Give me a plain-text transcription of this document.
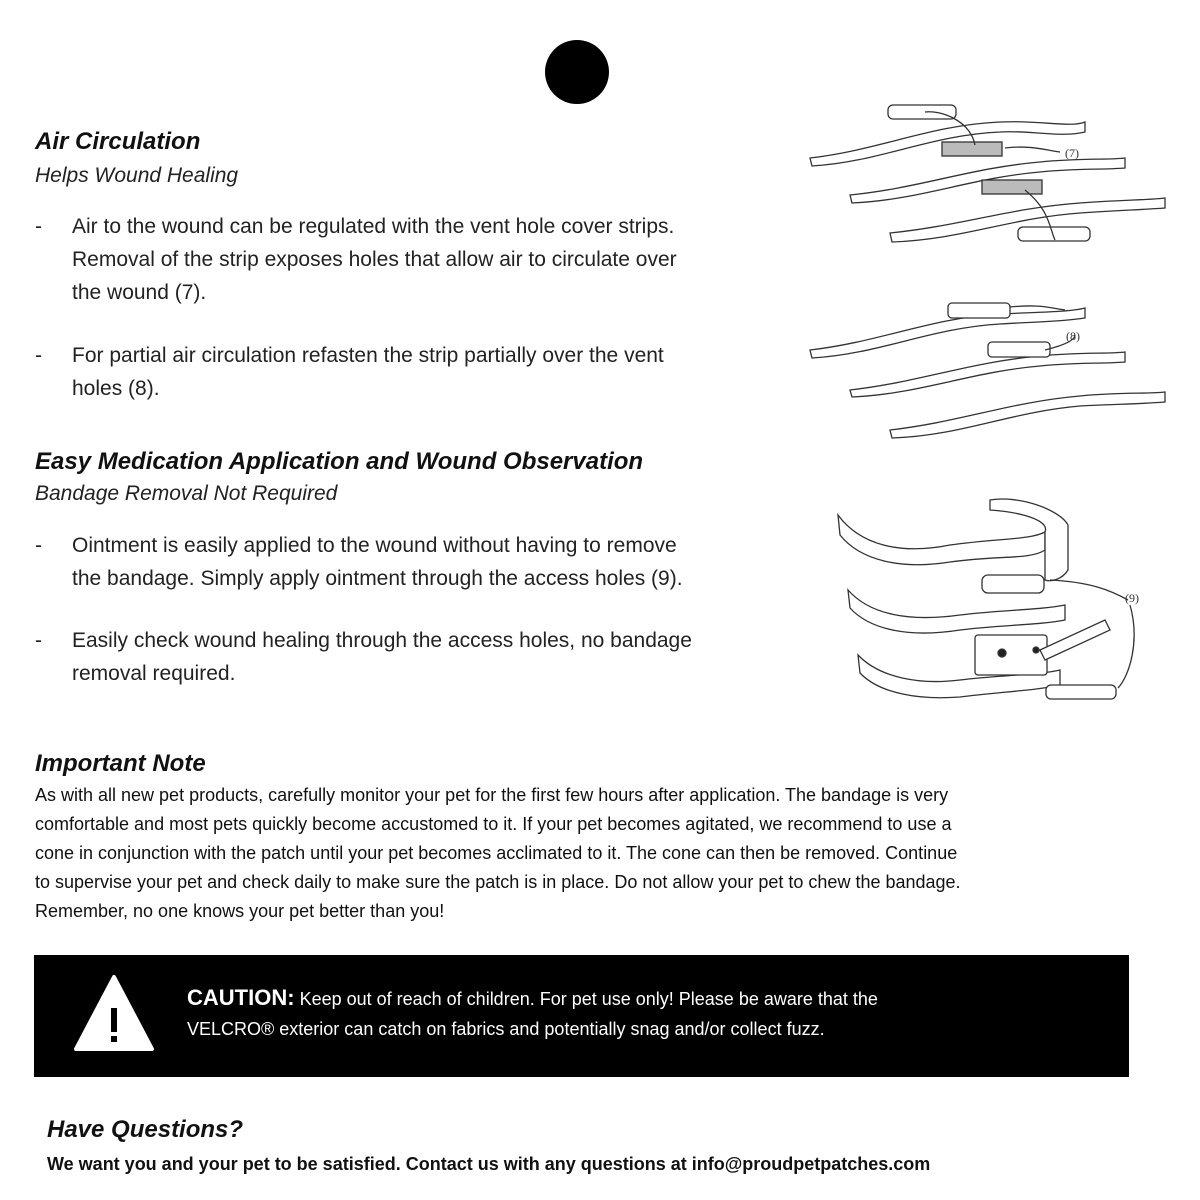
Air Circulation
Helps Wound Healing
- Air to the wound can be regulated with the vent hole cover strips.
Removal of the strip exposes holes that allow air to circulate over
the wound (7).
- For partial air circulation refasten the strip partially over the vent
holes (8).
Easy Medication Application and Wound Observation
Bandage Removal Not Required
- Ointment is easily applied to the wound without having to remove
the bandage. Simply apply ointment through the access holes (9).
- Easily check wound healing through the access holes, no bandage
removal required.
(7)
(8)
(9)
Important Note
As with all new pet products, carefully monitor your pet for the first few hours after application. The bandage is very
comfortable and most pets quickly become accustomed to it. If your pet becomes agitated, we recommend to use a
cone in conjunction with the patch until your pet becomes acclimated to it. The cone can then be removed. Continue
to supervise your pet and check daily to make sure the patch is in place. Do not allow your pet to chew the bandage.
Remember, no one knows your pet better than you!
CAUTION: Keep out of reach of children. For pet use only! Please be aware that the
VELCRO® exterior can catch on fabrics and potentially snag and/or collect fuzz.
Have Questions?
We want you and your pet to be satisfied. Contact us with any questions at info@proudpetpatches.com
